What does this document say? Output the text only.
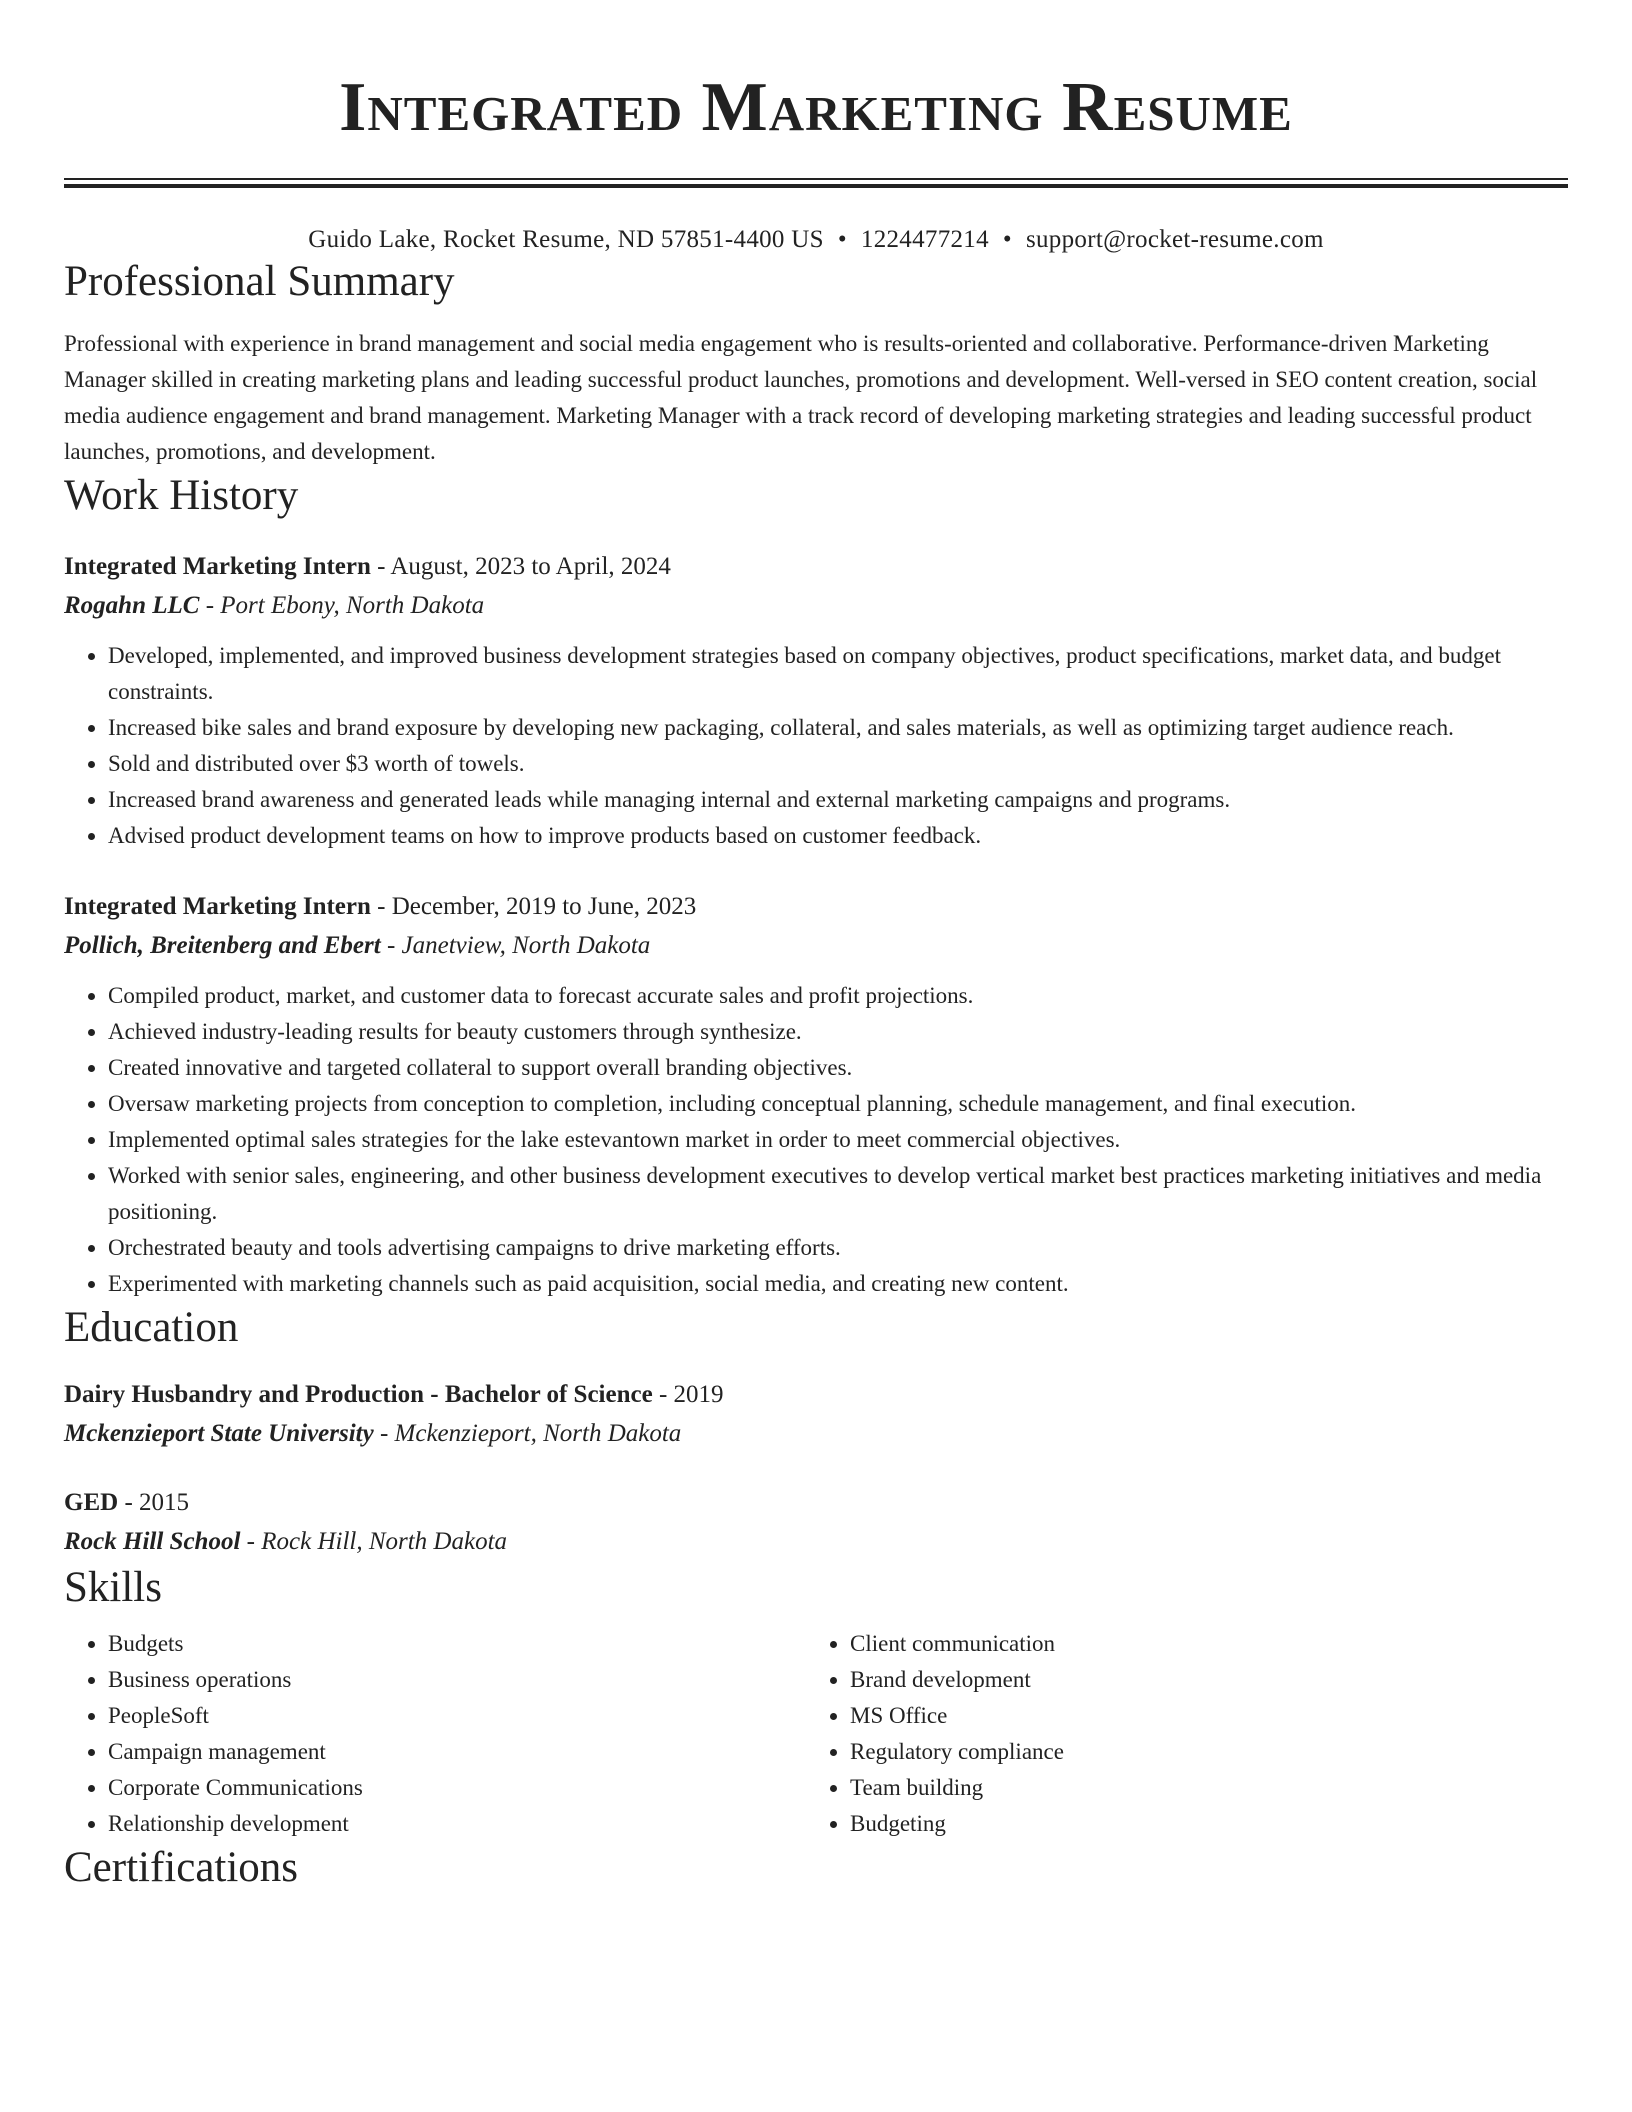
Integrated Marketing Resume
Guido Lake, Rocket Resume, ND 57851-4400 US • 1224477214 • support@rocket-resume.com
Professional Summary
Professional with experience in brand management and social media engagement who is results-oriented and collaborative. Performance-driven Marketing Manager skilled in creating marketing plans and leading successful product launches, promotions and development. Well-versed in SEO content creation, social media audience engagement and brand management. Marketing Manager with a track record of developing marketing strategies and leading successful product launches, promotions, and development.
Work History
Integrated Marketing Intern - August, 2023 to April, 2024
Rogahn LLC - Port Ebony, North Dakota
• Developed, implemented, and improved business development strategies based on company objectives, product specifications, market data, and budget constraints.
• Increased bike sales and brand exposure by developing new packaging, collateral, and sales materials, as well as optimizing target audience reach.
• Sold and distributed over $3 worth of towels.
• Increased brand awareness and generated leads while managing internal and external marketing campaigns and programs.
• Advised product development teams on how to improve products based on customer feedback.
Integrated Marketing Intern - December, 2019 to June, 2023
Pollich, Breitenberg and Ebert - Janetview, North Dakota
• Compiled product, market, and customer data to forecast accurate sales and profit projections.
• Achieved industry-leading results for beauty customers through synthesize.
• Created innovative and targeted collateral to support overall branding objectives.
• Oversaw marketing projects from conception to completion, including conceptual planning, schedule management, and final execution.
• Implemented optimal sales strategies for the lake estevantown market in order to meet commercial objectives.
• Worked with senior sales, engineering, and other business development executives to develop vertical market best practices marketing initiatives and media positioning.
• Orchestrated beauty and tools advertising campaigns to drive marketing efforts.
• Experimented with marketing channels such as paid acquisition, social media, and creating new content.
Education
Dairy Husbandry and Production - Bachelor of Science - 2019
Mckenzieport State University - Mckenzieport, North Dakota
GED - 2015
Rock Hill School - Rock Hill, North Dakota
Skills
• Budgets
• Business operations
• PeopleSoft
• Campaign management
• Corporate Communications
• Relationship development
• Client communication
• Brand development
• MS Office
• Regulatory compliance
• Team building
• Budgeting
Certifications
